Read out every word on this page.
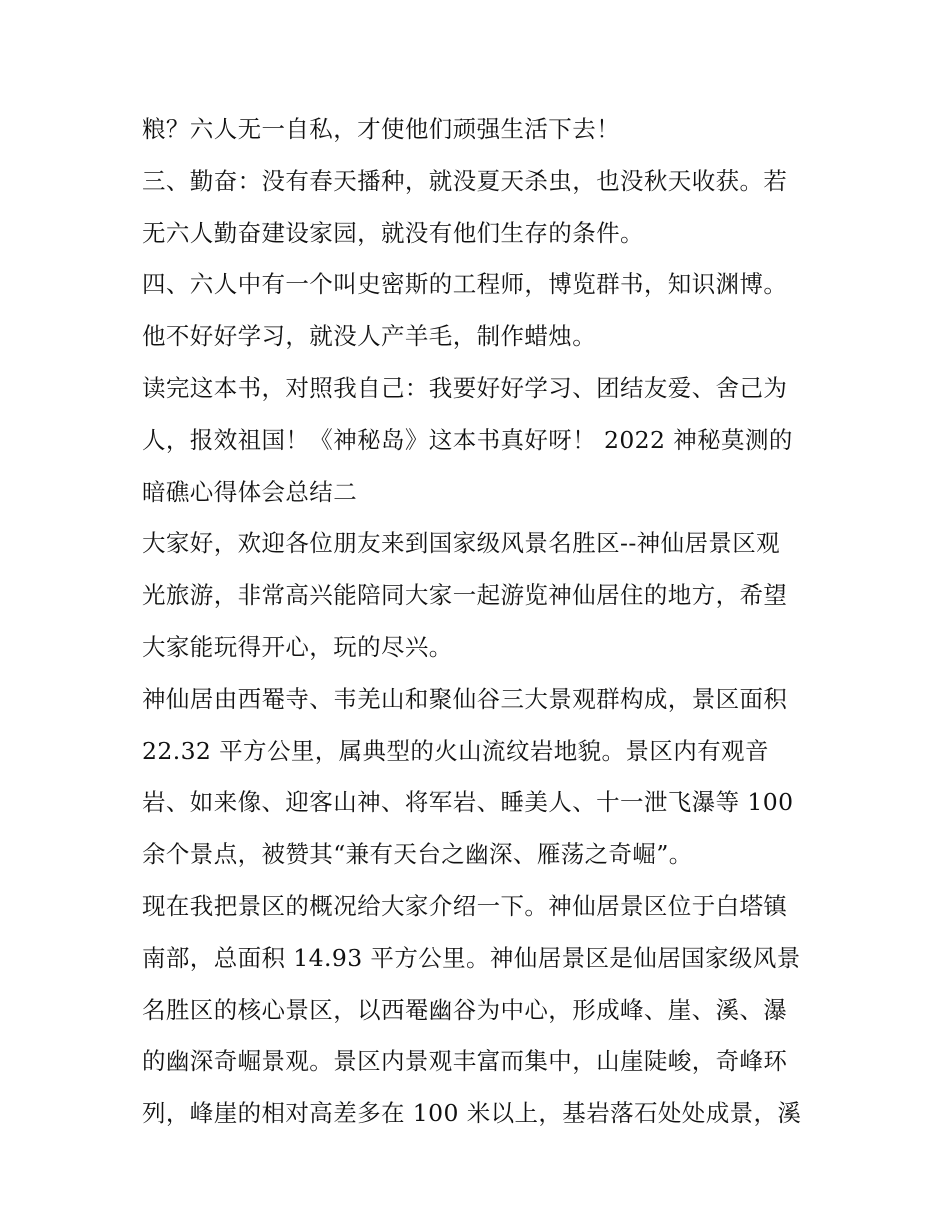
粮？六人无一自私，才使他们顽强生活下去！
三、勤奋：没有春天播种，就没夏天杀虫，也没秋天收获。若
无六人勤奋建设家园，就没有他们生存的条件。
四、六人中有一个叫史密斯的工程师，博览群书，知识渊博。
他不好好学习，就没人产羊毛，制作蜡烛。
读完这本书，对照我自己：我要好好学习、团结友爱、舍己为
人，报效祖国！《神秘岛》这本书真好呀！ 2022 神秘莫测的
暗礁心得体会总结二
大家好，欢迎各位朋友来到国家级风景名胜区--神仙居景区观
光旅游，非常高兴能陪同大家一起游览神仙居住的地方，希望
大家能玩得开心，玩的尽兴。
神仙居由西罨寺、韦羌山和聚仙谷三大景观群构成，景区面积
22.32 平方公里，属典型的火山流纹岩地貌。景区内有观音
岩、如来像、迎客山神、将军岩、睡美人、十一泄飞瀑等 100
余个景点，被赞其“兼有天台之幽深、雁荡之奇崛”。
现在我把景区的概况给大家介绍一下。神仙居景区位于白塔镇
南部，总面积 14.93 平方公里。神仙居景区是仙居国家级风景
名胜区的核心景区，以西罨幽谷为中心，形成峰、崖、溪、瀑
的幽深奇崛景观。景区内景观丰富而集中，山崖陡峻，奇峰环
列，峰崖的相对高差多在 100 米以上，基岩落石处处成景，溪
